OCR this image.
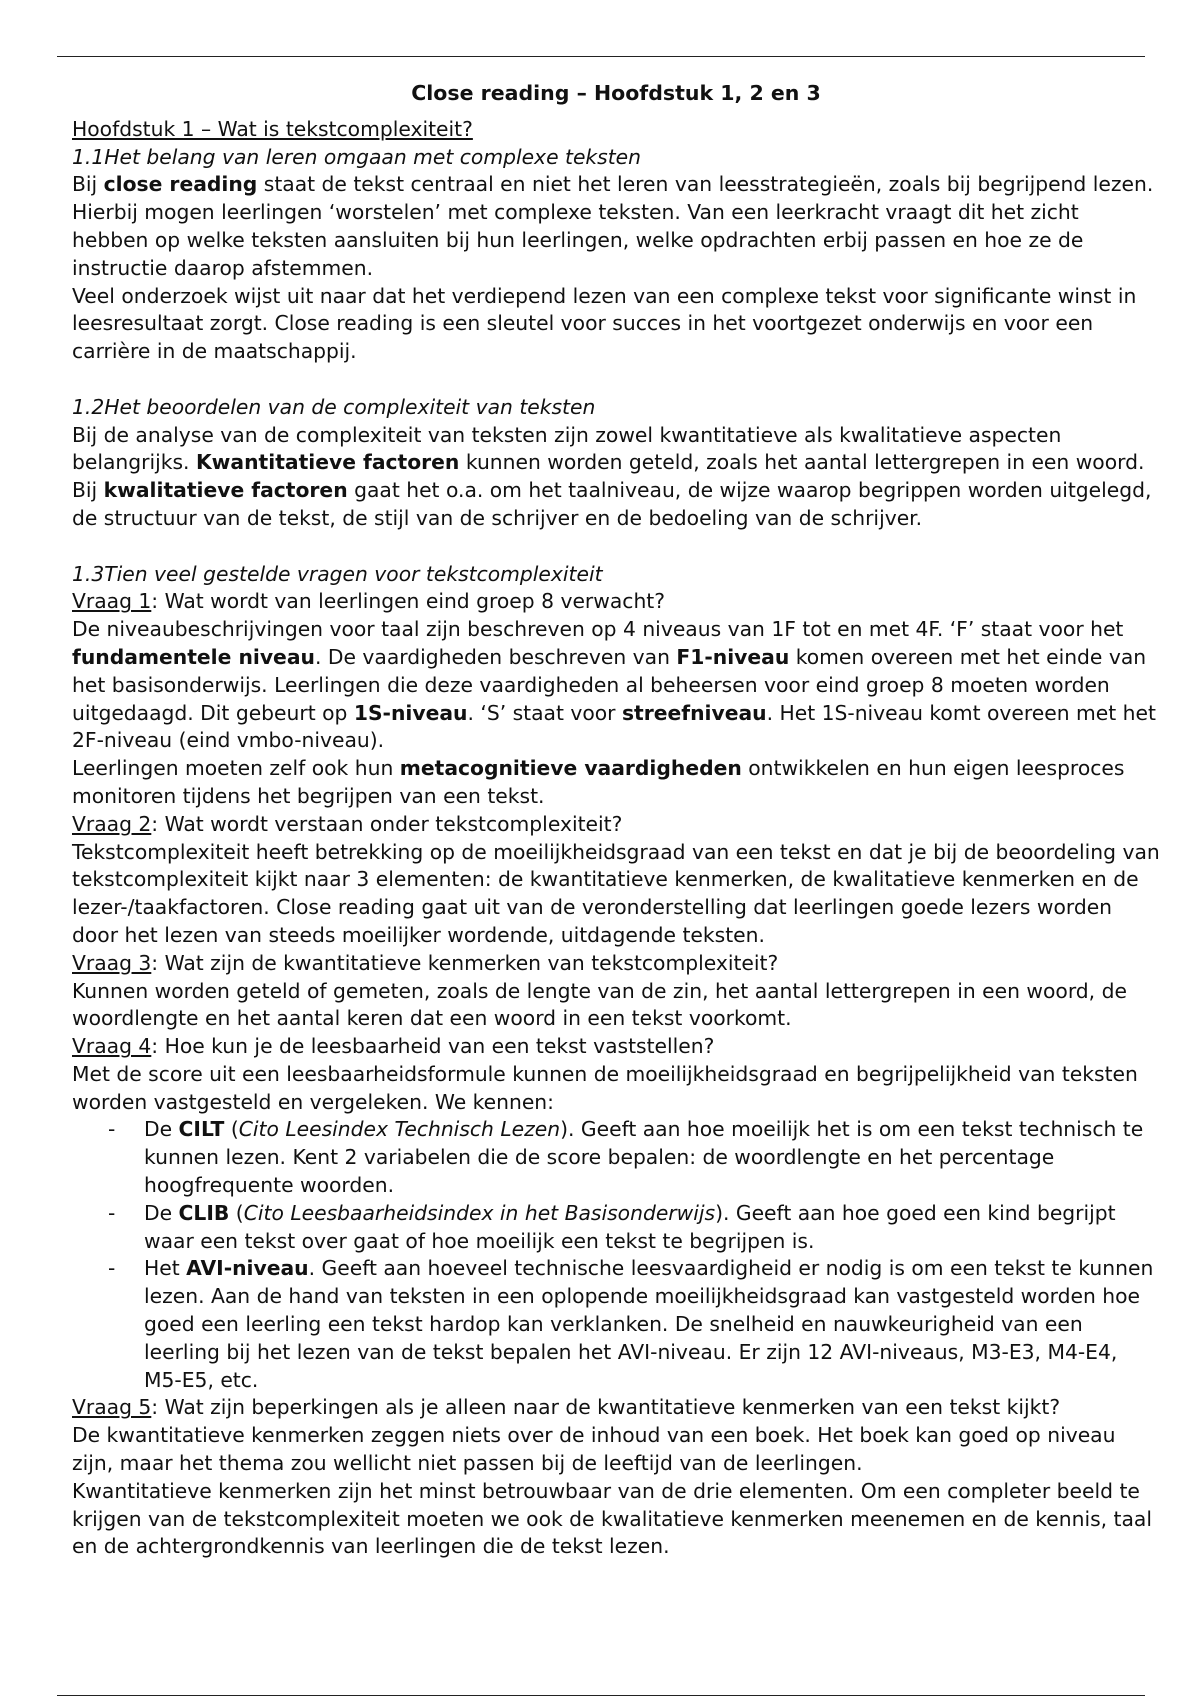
Close reading – Hoofdstuk 1, 2 en 3

Hoofdstuk 1 – Wat is tekstcomplexiteit?

1.1Het belang van leren omgaan met complexe teksten

Bij close reading staat de tekst centraal en niet het leren van leesstrategieën, zoals bij begrijpend lezen. Hierbij mogen leerlingen ‘worstelen’ met complexe teksten. Van een leerkracht vraagt dit het zicht hebben op welke teksten aansluiten bij hun leerlingen, welke opdrachten erbij passen en hoe ze de instructie daarop afstemmen.

Veel onderzoek wijst uit naar dat het verdiepend lezen van een complexe tekst voor significante winst in leesresultaat zorgt. Close reading is een sleutel voor succes in het voortgezet onderwijs en voor een carrière in de maatschappij.

1.2Het beoordelen van de complexiteit van teksten

Bij de analyse van de complexiteit van teksten zijn zowel kwantitatieve als kwalitatieve aspecten belangrijks. Kwantitatieve factoren kunnen worden geteld, zoals het aantal lettergrepen in een woord. Bij kwalitatieve factoren gaat het o.a. om het taalniveau, de wijze waarop begrippen worden uitgelegd, de structuur van de tekst, de stijl van de schrijver en de bedoeling van de schrijver.

1.3Tien veel gestelde vragen voor tekstcomplexiteit

Vraag 1: Wat wordt van leerlingen eind groep 8 verwacht?

De niveaubeschrijvingen voor taal zijn beschreven op 4 niveaus van 1F tot en met 4F. ‘F’ staat voor het fundamentele niveau. De vaardigheden beschreven van F1-niveau komen overeen met het einde van het basisonderwijs. Leerlingen die deze vaardigheden al beheersen voor eind groep 8 moeten worden uitgedaagd. Dit gebeurt op 1S-niveau. ‘S’ staat voor streefniveau. Het 1S-niveau komt overeen met het 2F-niveau (eind vmbo-niveau).

Leerlingen moeten zelf ook hun metacognitieve vaardigheden ontwikkelen en hun eigen leesproces monitoren tijdens het begrijpen van een tekst.

Vraag 2: Wat wordt verstaan onder tekstcomplexiteit?

Tekstcomplexiteit heeft betrekking op de moeilijkheidsgraad van een tekst en dat je bij de beoordeling van tekstcomplexiteit kijkt naar 3 elementen: de kwantitatieve kenmerken, de kwalitatieve kenmerken en de lezer-/taakfactoren. Close reading gaat uit van de veronderstelling dat leerlingen goede lezers worden door het lezen van steeds moeilijker wordende, uitdagende teksten.

Vraag 3: Wat zijn de kwantitatieve kenmerken van tekstcomplexiteit?

Kunnen worden geteld of gemeten, zoals de lengte van de zin, het aantal lettergrepen in een woord, de woordlengte en het aantal keren dat een woord in een tekst voorkomt.

Vraag 4: Hoe kun je de leesbaarheid van een tekst vaststellen?

Met de score uit een leesbaarheidsformule kunnen de moeilijkheidsgraad en begrijpelijkheid van teksten worden vastgesteld en vergeleken. We kennen:

- De CILT (Cito Leesindex Technisch Lezen). Geeft aan hoe moeilijk het is om een tekst technisch te kunnen lezen. Kent 2 variabelen die de score bepalen: de woordlengte en het percentage hoogfrequente woorden.
- De CLIB (Cito Leesbaarheidsindex in het Basisonderwijs). Geeft aan hoe goed een kind begrijpt waar een tekst over gaat of hoe moeilijk een tekst te begrijpen is.
- Het AVI-niveau. Geeft aan hoeveel technische leesvaardigheid er nodig is om een tekst te kunnen lezen. Aan de hand van teksten in een oplopende moeilijkheidsgraad kan vastgesteld worden hoe goed een leerling een tekst hardop kan verklanken. De snelheid en nauwkeurigheid van een leerling bij het lezen van de tekst bepalen het AVI-niveau. Er zijn 12 AVI-niveaus, M3-E3, M4-E4, M5-E5, etc.

Vraag 5: Wat zijn beperkingen als je alleen naar de kwantitatieve kenmerken van een tekst kijkt?

De kwantitatieve kenmerken zeggen niets over de inhoud van een boek. Het boek kan goed op niveau zijn, maar het thema zou wellicht niet passen bij de leeftijd van de leerlingen.

Kwantitatieve kenmerken zijn het minst betrouwbaar van de drie elementen. Om een completer beeld te krijgen van de tekstcomplexiteit moeten we ook de kwalitatieve kenmerken meenemen en de kennis, taal en de achtergrondkennis van leerlingen die de tekst lezen.
